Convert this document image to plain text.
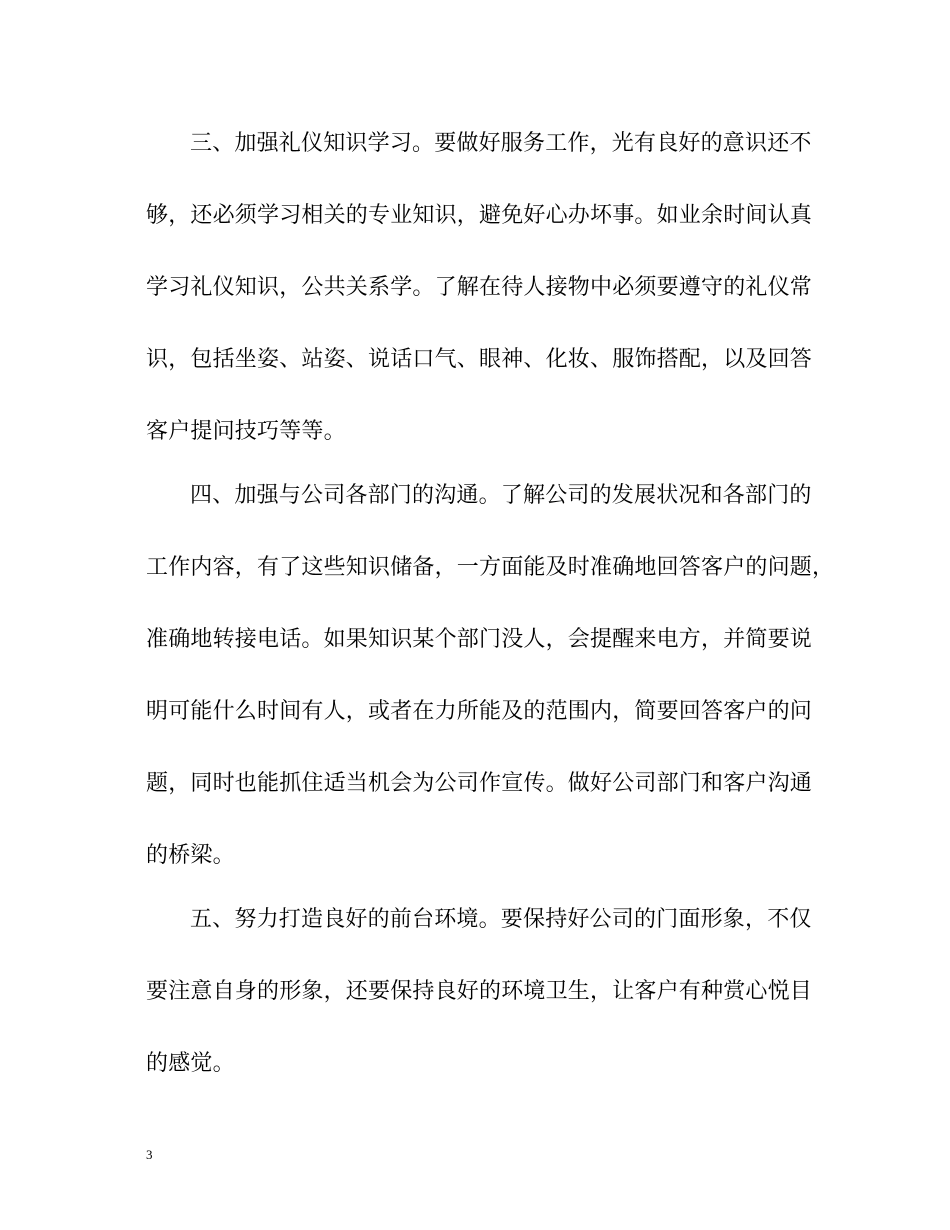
三、加强礼仪知识学习。要做好服务工作，光有良好的意识还不
够，还必须学习相关的专业知识，避免好心办坏事。如业余时间认真
学习礼仪知识，公共关系学。了解在待人接物中必须要遵守的礼仪常
识，包括坐姿、站姿、说话口气、眼神、化妆、服饰搭配，以及回答
客户提问技巧等等。
四、加强与公司各部门的沟通。了解公司的发展状况和各部门的
工作内容，有了这些知识储备，一方面能及时准确地回答客户的问题，
准确地转接电话。如果知识某个部门没人，会提醒来电方，并简要说
明可能什么时间有人，或者在力所能及的范围内，简要回答客户的问
题，同时也能抓住适当机会为公司作宣传。做好公司部门和客户沟通
的桥梁。
五、努力打造良好的前台环境。要保持好公司的门面形象，不仅
要注意自身的形象，还要保持良好的环境卫生，让客户有种赏心悦目
的感觉。
3
